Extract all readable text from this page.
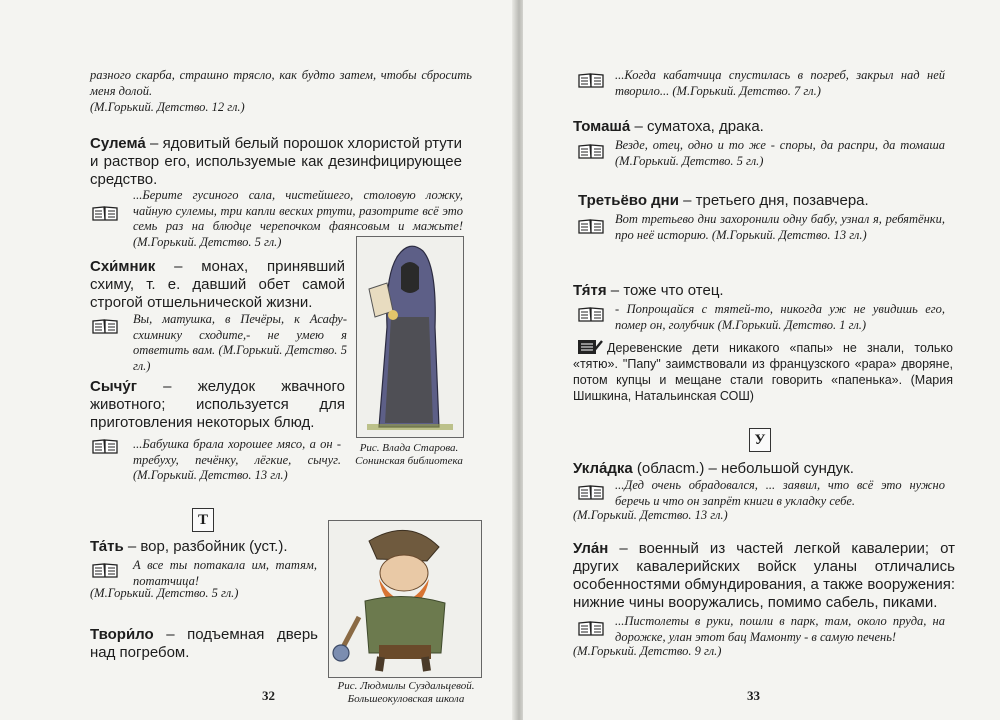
разного скарба, страшно трясло, как будто затем, чтобы сбросить меня долой.
(М.Горький. Детство. 12 гл.)
Сулема́ – ядовитый белый порошок хлористой ртути и раствор его, используемые как дезинфицирующее средство.
...Берите гусиного сала, чистейшего, столовую ложку, чайную сулемы, три капли веских ртути, разотрите всё это семь раз на блюдце черепочком фаянсовым и мажьте! (М.Горький. Детство. 5 гл.)
Схи́мник – монах, принявший схиму, т. е. давший обет самой строгой отшельнической жизни.
Вы, матушка, в Печёры, к Асафу-схимнику сходите,- не умею я ответить вам. (М.Горький. Детство. 5 гл.)
Рис. Влада Старова. Сонинская библиотека
Сычу́г – желудок жвачного животного; используется для приготовления некоторых блюд.
...Бабушка брала хорошее мясо, а он - требуху, печёнку, лёгкие, сычуг. (М.Горький. Детство. 13 гл.)
Т
Та́ть – вор, разбойник (уст.).
А все ты потакала им, татям, потатчица!
(М.Горький. Детство. 5 гл.)
Твори́ло – подъемная дверь над погребом.
Рис. Людмилы Суздальцевой. Большеокуловская школа
32
...Когда кабатчица спустилась в погреб, закрыл над ней творило... (М.Горький. Детство. 7 гл.)
Томаша́ – суматоха, драка.
Везде, отец, одно и то же - споры, да распри, да томаша (М.Горький. Детство. 5 гл.)
Третьёво дни – третьего дня, позавчера.
Вот третьево дни захоронили одну бабу, узнал я, ребятёнки, про неё историю. (М.Горький. Детство. 13 гл.)
Тя́тя – тоже что отец.
- Попрощайся с тятей-то, никогда уж не увидишь его, помер он, голубчик (М.Горький. Детство. 1 гл.)
Деревенские дети никакого «папы» не знали, только «тятю». "Папу" заимствовали из французского «papa» дворяне, потом купцы и мещане стали говорить «папенька». (Мария Шишкина, Натальинская СОШ)
У
Укла́дка (обласm.) – небольшой сундук.
...Дед очень обрадовался, ... заявил, что всё это нужно беречь и что он запрёт книги в укладку себе.
(М.Горький. Детство. 13 гл.)
Ула́н – военный из частей легкой кавалерии; от других кавалерийских войск уланы отличались особенностями обмундирования, а также вооружения: нижние чины вооружались, помимо сабель, пиками.
...Пистолеты в руки, пошли в парк, там, около пруда, на дорожке, улан этот бац Мамонту - в самую печень!
(М.Горький. Детство. 9 гл.)
33
